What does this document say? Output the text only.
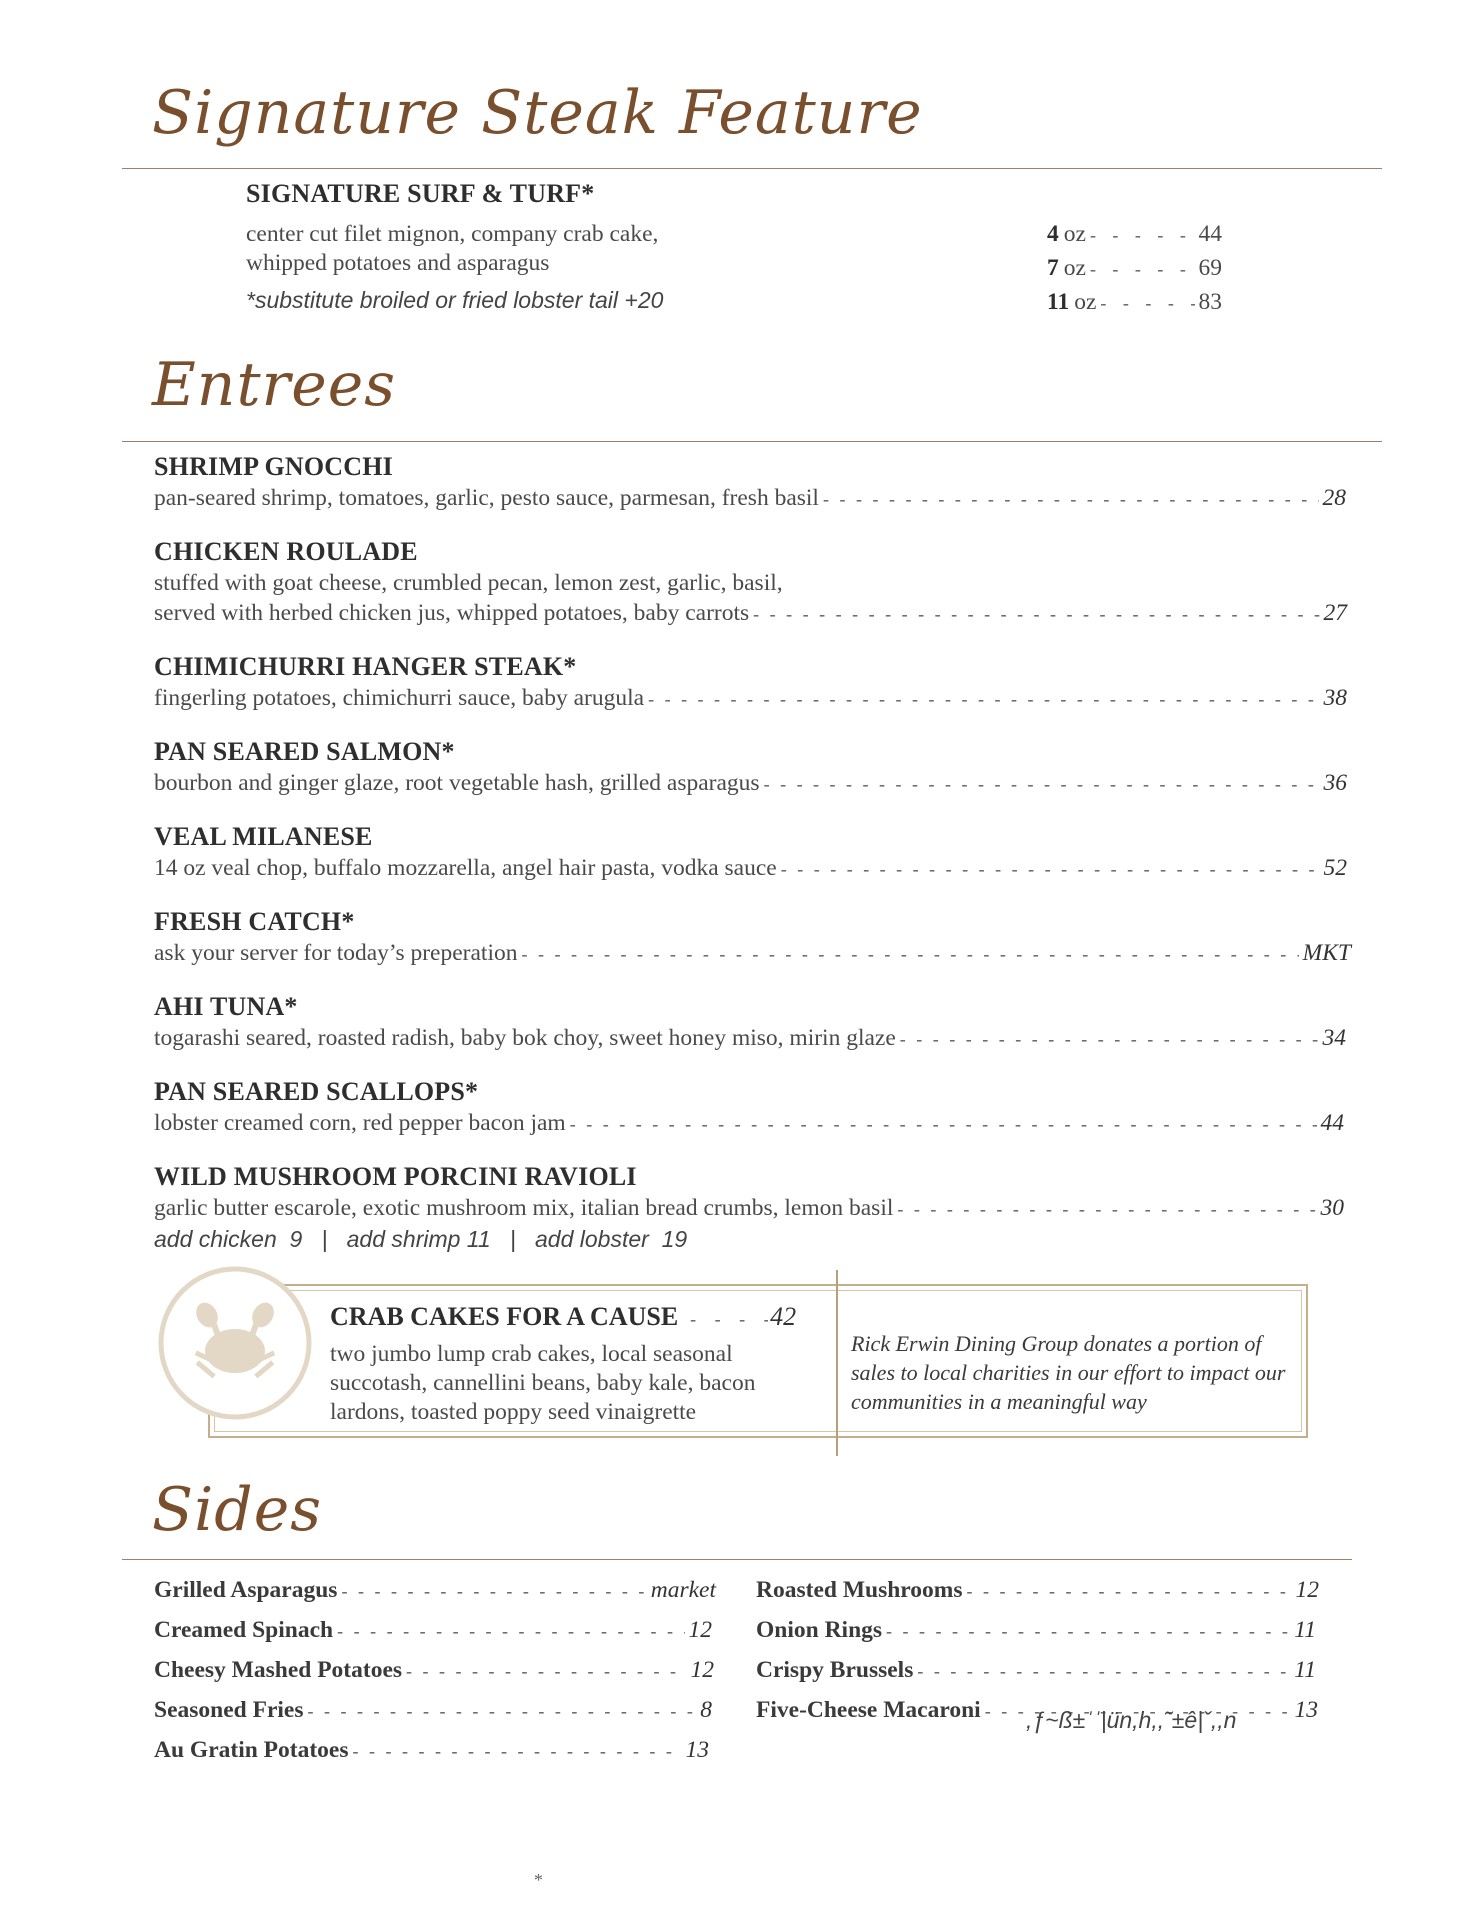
Signature Steak Feature
SIGNATURE SURF & TURF*
center cut filet mignon, company crab cake,
whipped potatoes and asparagus
*substitute broiled or fried lobster tail +20
4 oz - - -	44
7 oz - - -	69
11 oz - - -	83
Entrees
SHRIMP GNOCCHI
pan-seared shrimp, tomatoes, garlic, pesto sauce, parmesan, fresh basil - - -	28
CHICKEN ROULADE
stuffed with goat cheese, crumbled pecan, lemon zest, garlic, basil,
served with herbed chicken jus, whipped potatoes, baby carrots - - -	27
CHIMICHURRI HANGER STEAK*
fingerling potatoes, chimichurri sauce, baby arugula - - -	38
PAN SEARED SALMON*
bourbon and ginger glaze, root vegetable hash, grilled asparagus - - -	36
VEAL MILANESE
14 oz veal chop, buffalo mozzarella, angel hair pasta, vodka sauce - - -	52
FRESH CATCH*
ask your server for today’s preperation - - -	MKT
AHI TUNA*
togarashi seared, roasted radish, baby bok choy, sweet honey miso, mirin glaze - - -	34
PAN SEARED SCALLOPS*
lobster creamed corn, red pepper bacon jam - - -	44
WILD MUSHROOM PORCINI RAVIOLI
garlic butter escarole, exotic mushroom mix, italian bread crumbs, lemon basil - - -	30
add chicken  9   |   add shrimp 11   |   add lobster  19
CRAB CAKES FOR A CAUSE - - -	42
two jumbo lump crab cakes, local seasonal
succotash, cannellini beans, baby kale, bacon
lardons, toasted poppy seed vinaigrette
Rick Erwin Dining Group donates a portion of
sales to local charities in our effort to impact our
communities in a meaningful way
Sides
Grilled Asparagus - - -	market
Creamed Spinach - - -	12
Cheesy Mashed Potatoes - - -	12
Seasoned Fries - - -	8
Au Gratin Potatoes - - -	13
Roasted Mushrooms - - -	12
Onion Rings - - -	11
Crispy Brussels - - -	11
Five-Cheese Macaroni - - -	13
,ƒ~ß±ˈˈ|ün,h,,˜±ê|ˇ,,n
*
